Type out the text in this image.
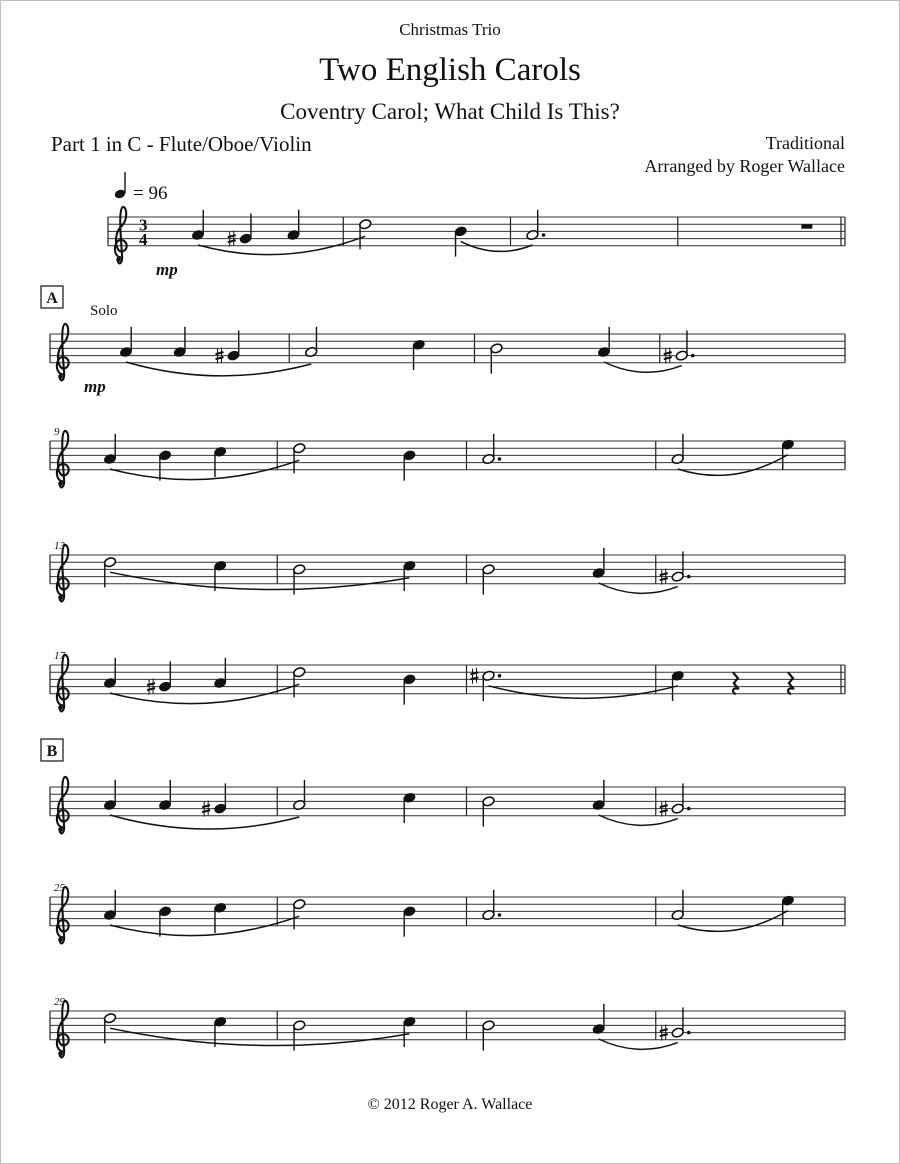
Christmas Trio
Two English Carols
Coventry Carol; What Child Is This?
Part 1 in C - Flute/Oboe/Violin	Traditional
Arranged by Roger Wallace
3
4
= 96
mp
A
Solo
mp
9
13
17
B
25
29
© 2012 Roger A. Wallace
